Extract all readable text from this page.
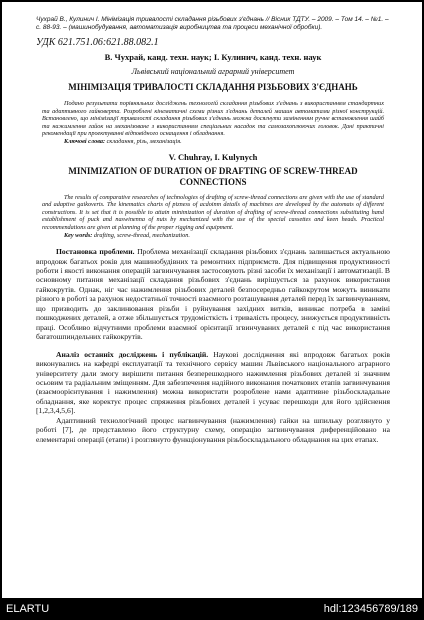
Чухрай В., Кулинич І. Мінімізація тривалості складання різьбових з'єднань // Вісник ТДТУ. – 2009. – Том 14. – №1. – с. 88-93. – (машинобудування, автоматизація виробництва та процеси механічної обробки).

УДК 621.751.06:621.88.082.1
В. Чухрай, канд. техн. наук; І. Кулинич, канд. техн. наук
Львівський національний аграрний університет
МІНІМІЗАЦІЯ ТРИВАЛОСТІ СКЛАДАННЯ РІЗЬБОВИХ З'ЄДНАНЬ

Подано результати порівняльних досліджень технологій складання різьбових з'єднань з використанням стандартних та адаптивного гайковерта. Розроблені кінематичні схеми різних з'єднань деталей машин автоматами різної конструкцій. Встановлено, що мінімізації тривалості складання різьбових з'єднань можна досягнути заміненням ручне встановлення шайб та нажимлення гайок на механізоване з використанням спеціальних насадок та самозахоплюючих головок. Дані практичні рекомендації при проектуванні відповідного оснащення і обладнання.

Ключові слова: складання, різь, механізація.

V. Chuhray, I. Kulynych
MINIMIZATION OF DURATION OF DRAFTING OF SCREW-THREAD CONNECTIONS

The results of comparative researches of technologies of drafting of screw-thread connections are given with the use of standard and adaptive gaikoverts. The kinematics charts of pizness of acdoinm details of machines are developed by the automats of different constructions. It is set that it is possible to attain minimization of duration of drafting of screw-thread connections substituting hand establishment of puck and naswinenna of nuts by mechanized with the use of the special cassettes and keen heads. Practical recommendations are given at planning of the proper rigging and equipment.

Key words: drafting, screw-thread, mechanization.

Постановка проблеми. Проблема механізації складання різьбових з'єднань залишається актуальною впродовж багатьох років для машинобудівних та ремонтних підприємств. Для підвищення продуктивності роботи і якості виконання операцій загвинчування застосовують різні засоби їх механізації і автоматизації. В основному питання механізації складання різьбових з'єднань вирішується за рахунок використання гайкокрутів. Однак, ніг час нажимлення різьбових деталей безпосередньо гайкокрутом можуть виникати різного в роботі за рахунок недостатньої точності взаємного розташування деталей перед їх загвинчуванням, що призводить до заклинювання різьби і руйнування західних витків, виникає потреба в заміні пошкоджених деталей, а отже збільшується трудомісткість і тривалість процесу, знижується продуктивність праці. Особливо відчутними проблеми взаємної орієнтації згвинчуваних деталей є під час використання багатошпиндельних гайкокрутів.

Аналіз останніх досліджень і публікацій. Наукові дослідження які впродовж багатьох років виконувались на кафедрі експлуатації та технічного сервісу машин Львівського національного аграрного університету дали змогу вирішити питання безперешкодного нажимлення різьбових деталей зі значним осьовим та радіальним зміщенням. Для забезпечення надійного виконання початкових етапів загвинчування (взаємоорієнтування і нажимлення) можна використати розроблене нами адаптивне різьбоскладальне обладнання, яке коректує процес спряження різьбових деталей і усуває перешкоди для його здійснення [1,2,3,4,5,6].

Адаптивний технологічний процес нагвинчування (нажимлення) гайки на шпильку розглянуто у роботі [7], де представлено його структурну схему, операцію загвинчування диференційовано на елементарні операції (етапи) і розглянуто функціонування різьбоскладального обладнання на цих етапах.

ELARTU	hdl:123456789/189
